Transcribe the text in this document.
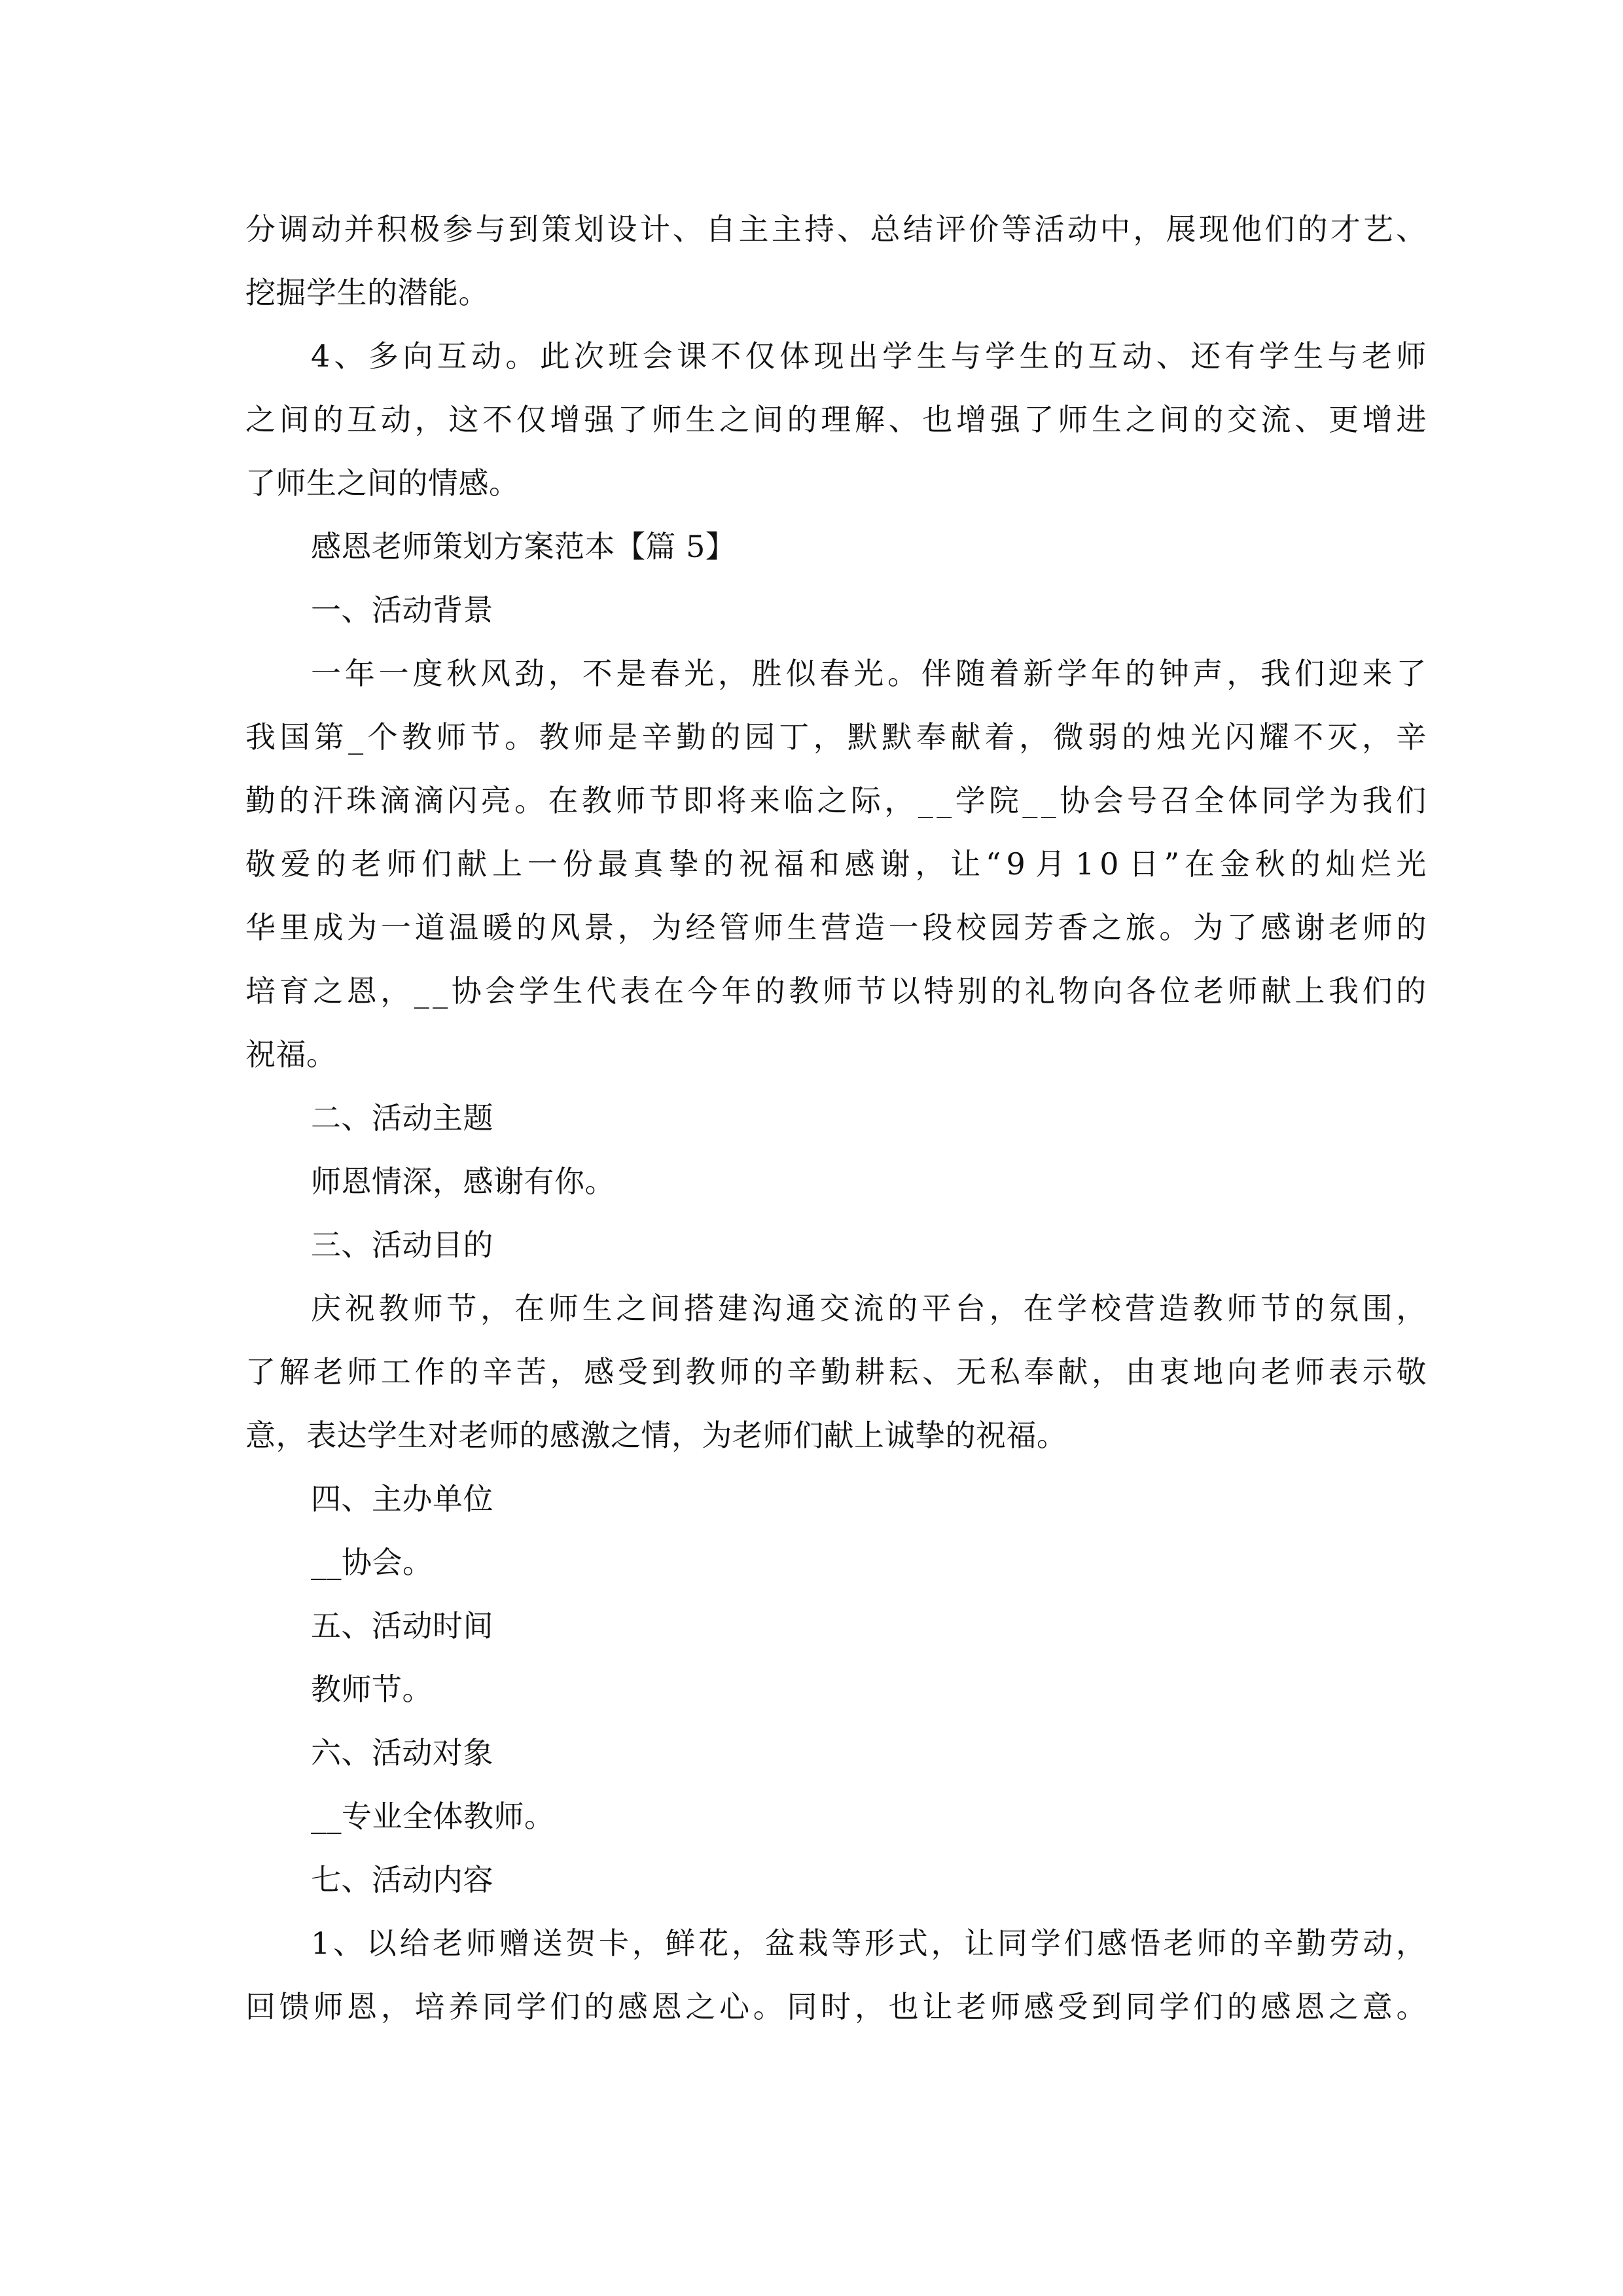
分 调 动 并 积 极 参 与 到 策 划 设 计 、 自 主 主 持 、 总 结 评 价 等 活 动 中 ， 展 现 他 们 的 才 艺 、
挖掘学生的潜能。
4 、 多 向 互 动 。 此 次 班 会 课 不 仅 体 现 出 学 生 与 学 生 的 互 动 、 还 有 学 生 与 老 师
之 间 的 互 动 ， 这 不 仅 增 强 了 师 生 之 间 的 理 解 、 也 增 强 了 师 生 之 间 的 交 流 、 更 增 进
了师生之间的情感。
感恩老师策划方案范本【篇 5】
一、活动背景
一 年 一 度 秋 风 劲 ， 不 是 春 光 ， 胜 似 春 光 。 伴 随 着 新 学 年 的 钟 声 ， 我 们 迎 来 了
我 国 第 _ 个 教 师 节 。 教 师 是 辛 勤 的 园 丁 ， 默 默 奉 献 着 ， 微 弱 的 烛 光 闪 耀 不 灭 ， 辛
勤 的 汗 珠 滴 滴 闪 亮 。 在 教 师 节 即 将 来 临 之 际 ， _ _ 学 院 _ _ 协 会 号 召 全 体 同 学 为 我 们
敬 爱 的 老 师 们 献 上 一 份 最 真 挚 的 祝 福 和 感 谢 ， 让 “ 9 月 1 0 日 ” 在 金 秋 的 灿 烂 光
华 里 成 为 一 道 温 暖 的 风 景 ， 为 经 管 师 生 营 造 一 段 校 园 芳 香 之 旅 。 为 了 感 谢 老 师 的
培 育 之 恩 ， _ _ 协 会 学 生 代 表 在 今 年 的 教 师 节 以 特 别 的 礼 物 向 各 位 老 师 献 上 我 们 的
祝福。
二、活动主题
师恩情深，感谢有你。
三、活动目的
庆 祝 教 师 节 ， 在 师 生 之 间 搭 建 沟 通 交 流 的 平 台 ， 在 学 校 营 造 教 师 节 的 氛 围 ，
了 解 老 师 工 作 的 辛 苦 ， 感 受 到 教 师 的 辛 勤 耕 耘 、 无 私 奉 献 ， 由 衷 地 向 老 师 表 示 敬
意，表达学生对老师的感激之情，为老师们献上诚挚的祝福。
四、主办单位
__协会。
五、活动时间
教师节。
六、活动对象
__专业全体教师。
七、活动内容
1 、 以 给 老 师 赠 送 贺 卡 ， 鲜 花 ， 盆 栽 等 形 式 ， 让 同 学 们 感 悟 老 师 的 辛 勤 劳 动 ，
回 馈 师 恩 ， 培 养 同 学 们 的 感 恩 之 心 。 同 时 ， 也 让 老 师 感 受 到 同 学 们 的 感 恩 之 意 。
